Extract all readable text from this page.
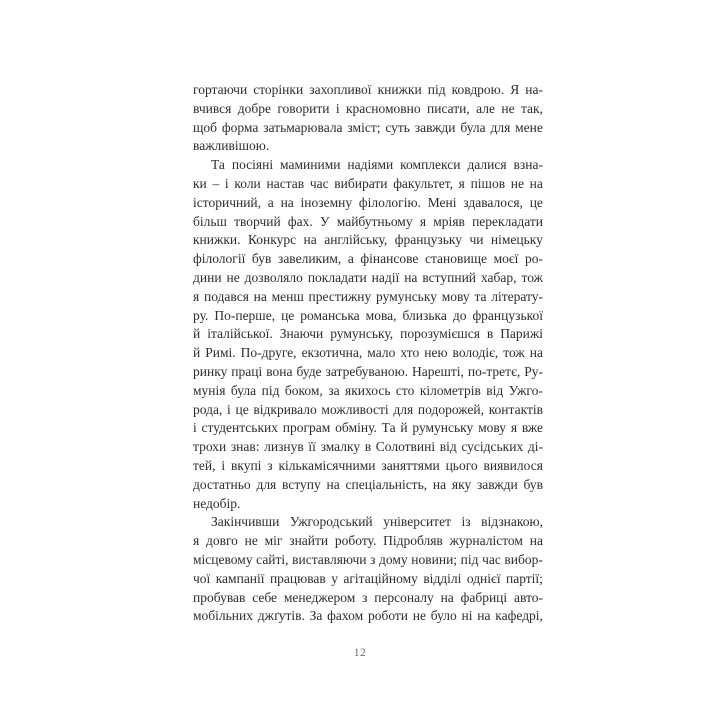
гортаючи сторінки захопливої книжки під ковдрою. Я на-
вчився добре говорити і красномовно писати, але не так,
щоб форма затьмарювала зміст; суть завжди була для мене
важливішою.

Та посіяні маминими надіями комплекси далися взна-
ки – і коли настав час вибирати факультет, я пішов не на
історичний, а на іноземну філологію. Мені здавалося, це
більш творчий фах. У майбутньому я мріяв перекладати
книжки. Конкурс на англійську, французьку чи німецьку
філології був завеликим, а фінансове становище моєї ро-
дини не дозволяло покладати надії на вступний хабар, тож
я подався на менш престижну румунську мову та літерату-
ру. По-перше, це романська мова, близька до французької
й італійської. Знаючи румунську, порозумієшся в Парижі
й Римі. По-друге, екзотична, мало хто нею володіє, тож на
ринку праці вона буде затребуваною. Нарешті, по-третє, Ру-
мунія була під боком, за якихось сто кілометрів від Ужго-
рода, і це відкривало можливості для подорожей, контактів
і студентських програм обміну. Та й румунську мову я вже
трохи знав: лизнув її змалку в Солотвині від сусідських ді-
тей, і вкупі з кількамісячними заняттями цього виявилося
достатньо для вступу на спеціальність, на яку завжди був
недобір.

Закінчивши Ужгородський університет із відзнакою,
я довго не міг знайти роботу. Підробляв журналістом на
місцевому сайті, виставляючи з дому новини; під час вибор-
чої кампанії працював у агітаційному відділі однієї партії;
пробував себе менеджером з персоналу на фабриці авто-
мобільних джґутів. За фахом роботи не було ні на кафедрі,

12
